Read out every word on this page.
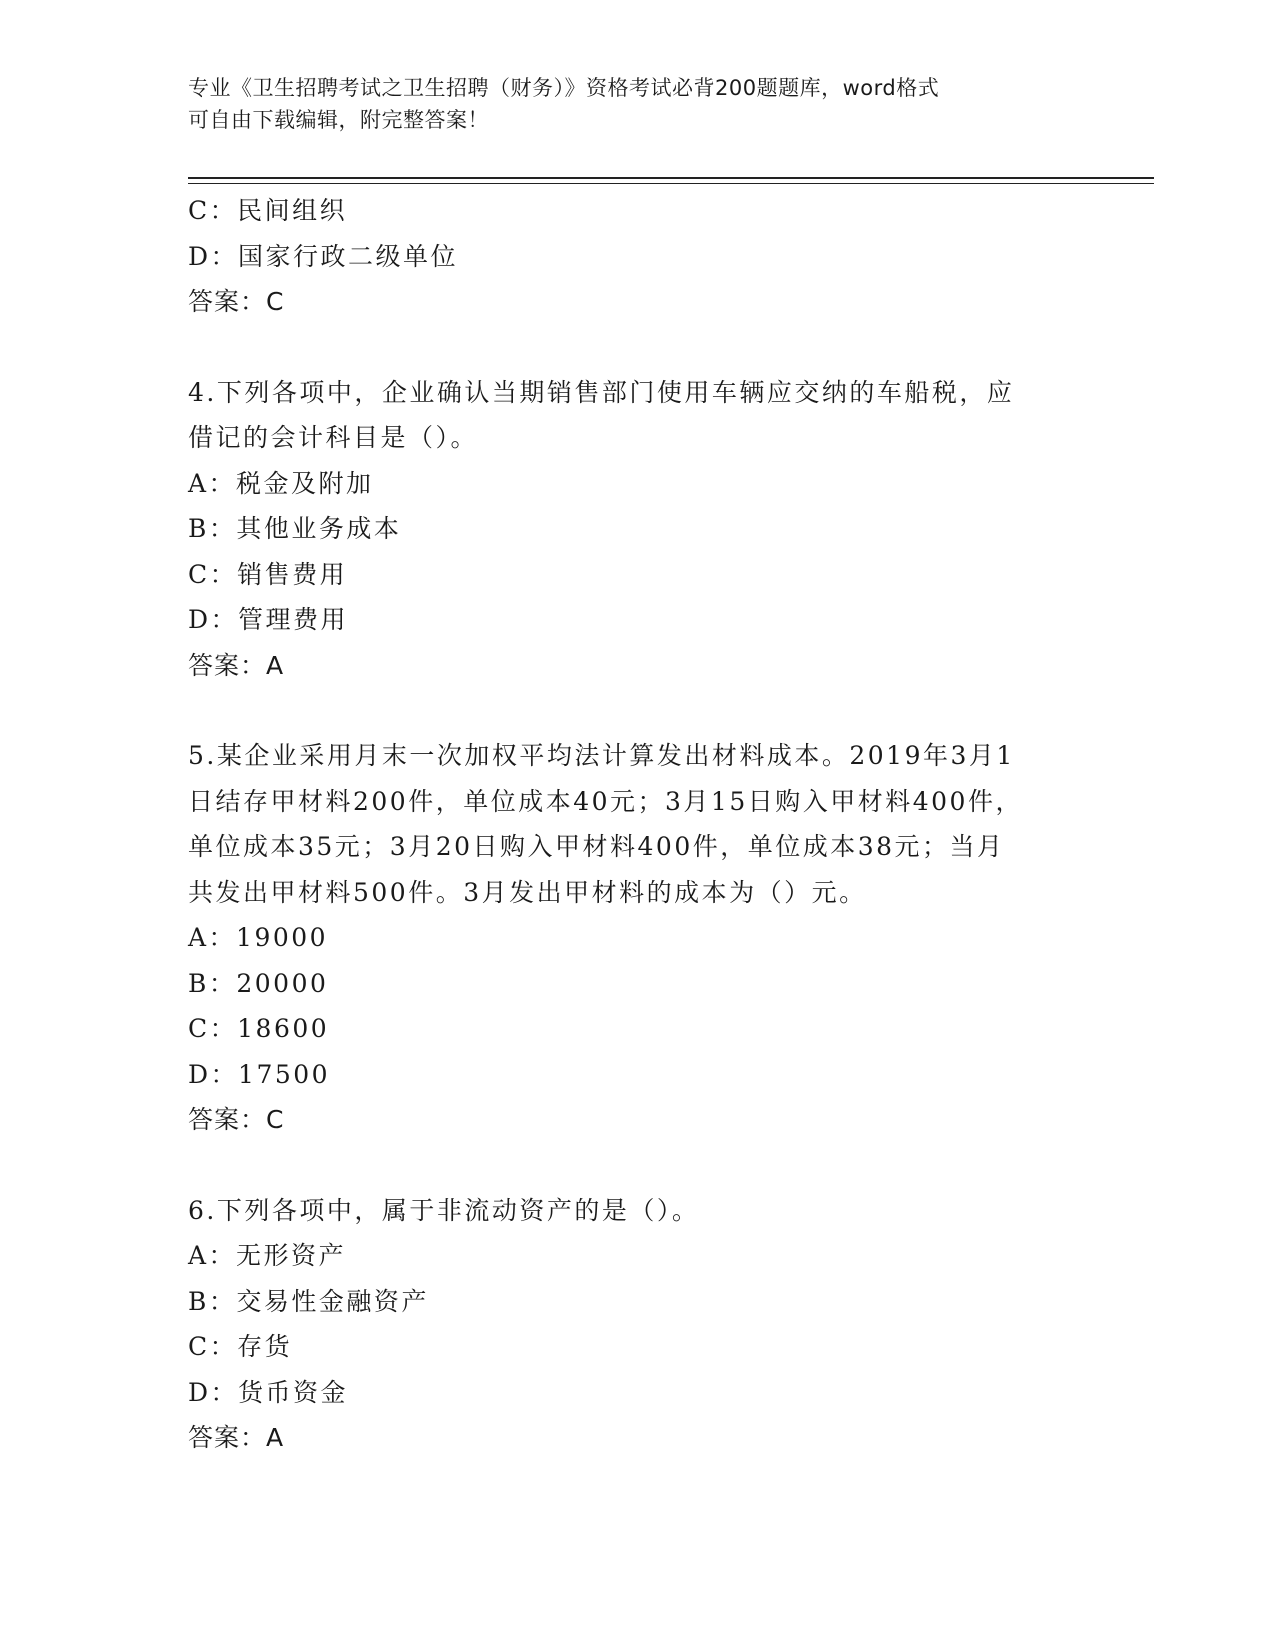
专业《卫生招聘考试之卫生招聘（财务）》资格考试必背200题题库，word格式
可自由下载编辑，附完整答案！
C：民间组织
D：国家行政二级单位
答案：C
4.下列各项中，企业确认当期销售部门使用车辆应交纳的车船税，应
借记的会计科目是（）。
A：税金及附加
B：其他业务成本
C：销售费用
D：管理费用
答案：A
5.某企业采用月末一次加权平均法计算发出材料成本。2019年3月1
日结存甲材料200件，单位成本40元；3月15日购入甲材料400件，
单位成本35元；3月20日购入甲材料400件，单位成本38元；当月
共发出甲材料500件。3月发出甲材料的成本为（）元。
A：19000
B：20000
C：18600
D：17500
答案：C
6.下列各项中，属于非流动资产的是（）。
A：无形资产
B：交易性金融资产
C：存货
D：货币资金
答案：A
